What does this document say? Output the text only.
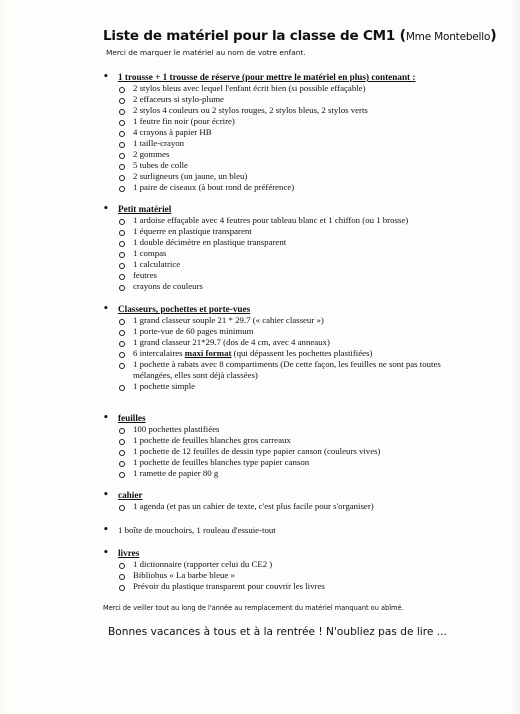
Liste de matériel pour la classe de CM1 (Mme Montebello)
Merci de marquer le matériel au nom de votre enfant.
• 1 trousse + 1 trousse de réserve (pour mettre le matériel en plus) contenant :
2 stylos bleus avec lequel l'enfant écrit bien (si possible effaçable)
2 effaceurs si stylo-plume
2 stylos 4 couleurs ou 2 stylos rouges, 2 stylos bleus, 2 stylos verts
1 feutre fin noir (pour écrire)
4 crayons à papier HB
1 taille-crayon
2 gommes
5 tubes de colle
2 surligneurs (un jaune, un bleu)
1 paire de ciseaux (à bout rond de préférence)
• Petit matériel
1 ardoise effaçable avec 4 feutres pour tableau blanc et 1 chiffon (ou 1 brosse)
1 équerre en plastique transparent
1 double décimètre en plastique transparent
1 compas
1 calculatrice
feutres
crayons de couleurs
• Classeurs, pochettes et porte-vues
1 grand classeur souple 21 * 29.7 (« cahier classeur »)
1 porte-vue de 60 pages minimum
1 grand classeur 21*29.7 (dos de 4 cm, avec 4 anneaux)
6 intercalaires maxi format (qui dépassent les pochettes plastifiées)
1 pochette à rabats avec 8 compartiments (De cette façon, les feuilles ne sont pas toutes mélangées, elles sont déjà classées)
1 pochette simple
• feuilles
100 pochettes plastifiées
1 pochette de feuilles blanches gros carreaux
1 pochette de 12 feuilles de dessin type papier canson (couleurs vives)
1 pochette de feuilles blanches type papier canson
1 ramette de papier 80 g
• cahier
1 agenda (et pas un cahier de texte, c'est plus facile pour s'organiser)
• 1 boîte de mouchoirs, 1 rouleau d'essuie-tout
• livres
1 dictionnaire (rapporter celui du CE2 )
Bibliobus « La barbe bleue »
Prévoir du plastique transparent pour couvrir les livres
Merci de veiller tout au long de l'année au remplacement du matériel manquant ou abîmé.
Bonnes vacances à tous et à la rentrée ! N'oubliez pas de lire ...
